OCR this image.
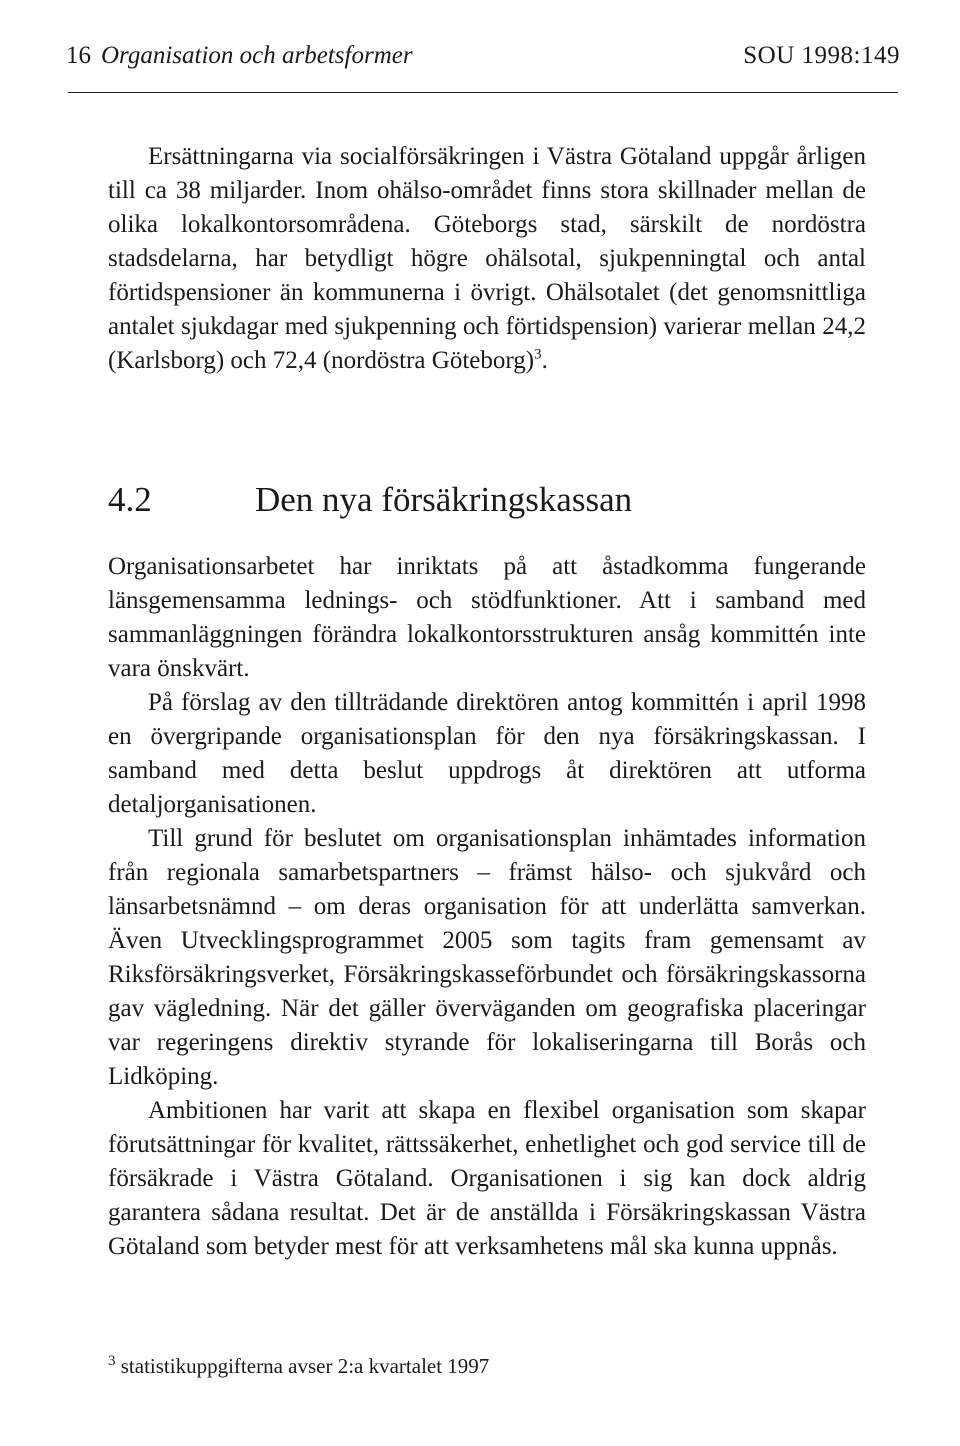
16 Organisation och arbetsformer	SOU 1998:149

Ersättningarna via socialförsäkringen i Västra Götaland uppgår årligen till ca 38 miljarder. Inom ohälso-området finns stora skillnader mellan de olika lokalkontorsområdena. Göteborgs stad, särskilt de nordöstra stadsdelarna, har betydligt högre ohälsotal, sjukpenningtal och antal förtidspensioner än kommunerna i övrigt. Ohälsotalet (det genomsnittliga antalet sjukdagar med sjukpenning och förtidspension) varierar mellan 24,2 (Karlsborg) och 72,4 (nordöstra Göteborg)$^3$.

4.2	Den nya försäkringskassan

Organisationsarbetet har inriktats på att åstadkomma fungerande länsgemensamma lednings- och stödfunktioner. Att i samband med sammanläggningen förändra lokalkontorsstrukturen ansåg kommittén inte vara önskvärt.

På förslag av den tillträdande direktören antog kommittén i april 1998 en övergripande organisationsplan för den nya försäkringskassan. I samband med detta beslut uppdrogs åt direktören att utforma detaljorganisationen.

Till grund för beslutet om organisationsplan inhämtades information från regionala samarbetspartners – främst hälso- och sjukvård och länsarbetsnämnd – om deras organisation för att underlätta samverkan. Även Utvecklingsprogrammet 2005 som tagits fram gemensamt av Riksförsäkringsverket, Försäkringskasseförbundet och försäkringskassorna gav vägledning. När det gäller överväganden om geografiska placeringar var regeringens direktiv styrande för lokaliseringarna till Borås och Lidköping.

Ambitionen har varit att skapa en flexibel organisation som skapar förutsättningar för kvalitet, rättssäkerhet, enhetlighet och god service till de försäkrade i Västra Götaland. Organisationen i sig kan dock aldrig garantera sådana resultat. Det är de anställda i Försäkringskassan Västra Götaland som betyder mest för att verksamhetens mål ska kunna uppnås.

$^3$ statistikuppgifterna avser 2:a kvartalet 1997
